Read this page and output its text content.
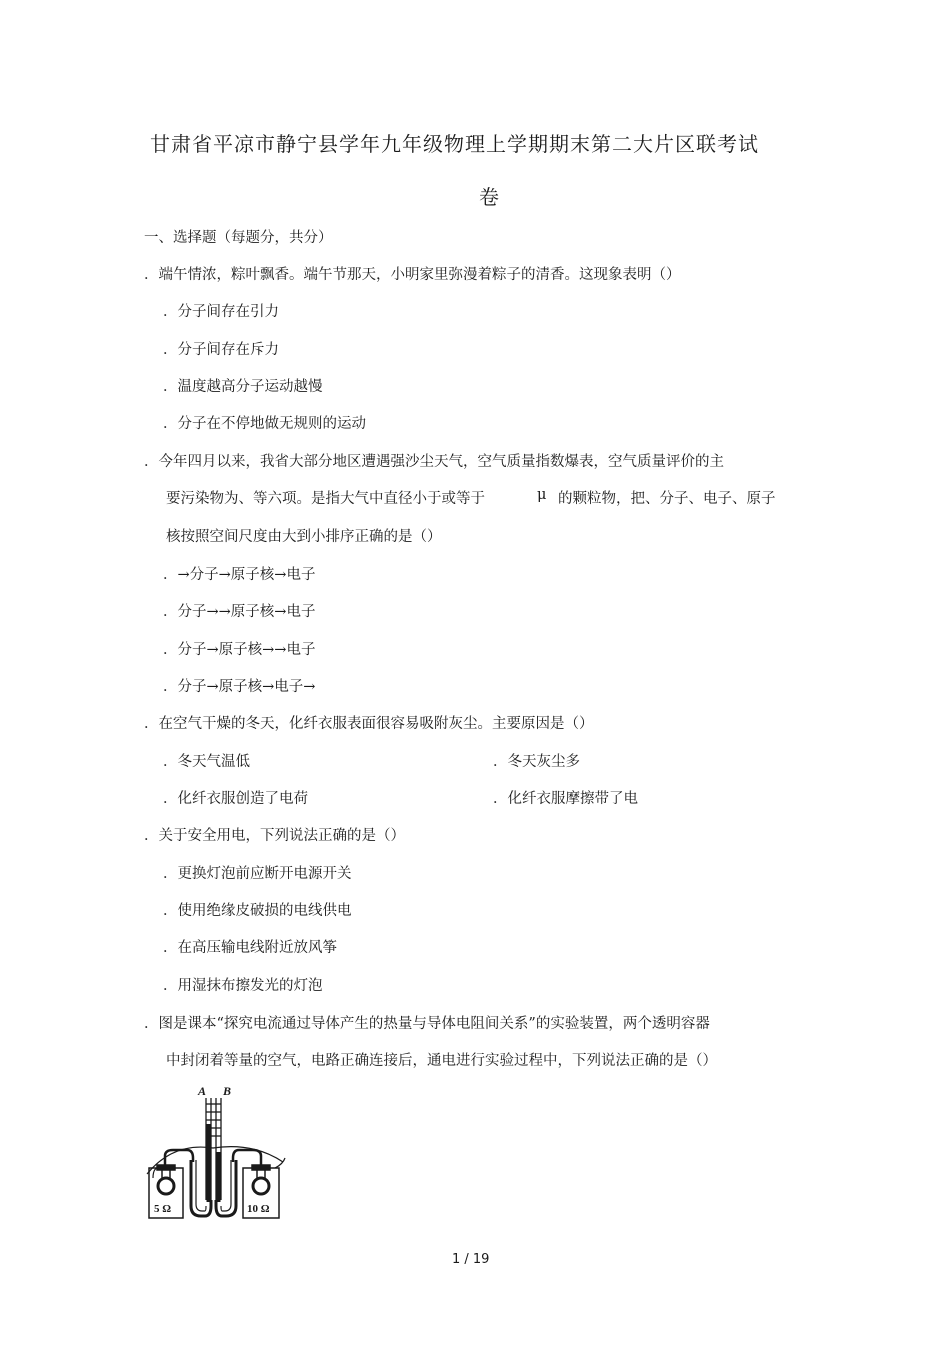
甘肃省平凉市静宁县学年九年级物理上学期期末第二大片区联考试
卷
一、选择题（每题分，共分）
．端午情浓，粽叶飘香。端午节那天，小明家里弥漫着粽子的清香。这现象表明（）
．分子间存在引力
．分子间存在斥力
．温度越高分子运动越慢
．分子在不停地做无规则的运动
．今年四月以来，我省大部分地区遭遇强沙尘天气，空气质量指数爆表，空气质量评价的主
要污染物为、等六项。是指大气中直径小于或等于	μ 的颗粒物，把、分子、电子、原子
核按照空间尺度由大到小排序正确的是（）
．→分子→原子核→电子
．分子→→原子核→电子
．分子→原子核→→电子
．分子→原子核→电子→
．在空气干燥的冬天，化纤衣服表面很容易吸附灰尘。主要原因是（）
．冬天气温低	．冬天灰尘多
．化纤衣服创造了电荷	．化纤衣服摩擦带了电
．关于安全用电，下列说法正确的是（）
．更换灯泡前应断开电源开关
．使用绝缘皮破损的电线供电
．在高压输电线附近放风筝
．用湿抹布擦发光的灯泡
．图是课本“探究电流通过导体产生的热量与导体电阻间关系”的实验装置，两个透明容器
中封闭着等量的空气，电路正确连接后，通电进行实验过程中，下列说法正确的是（）
A B
5 Ω	10 Ω
1 / 19
